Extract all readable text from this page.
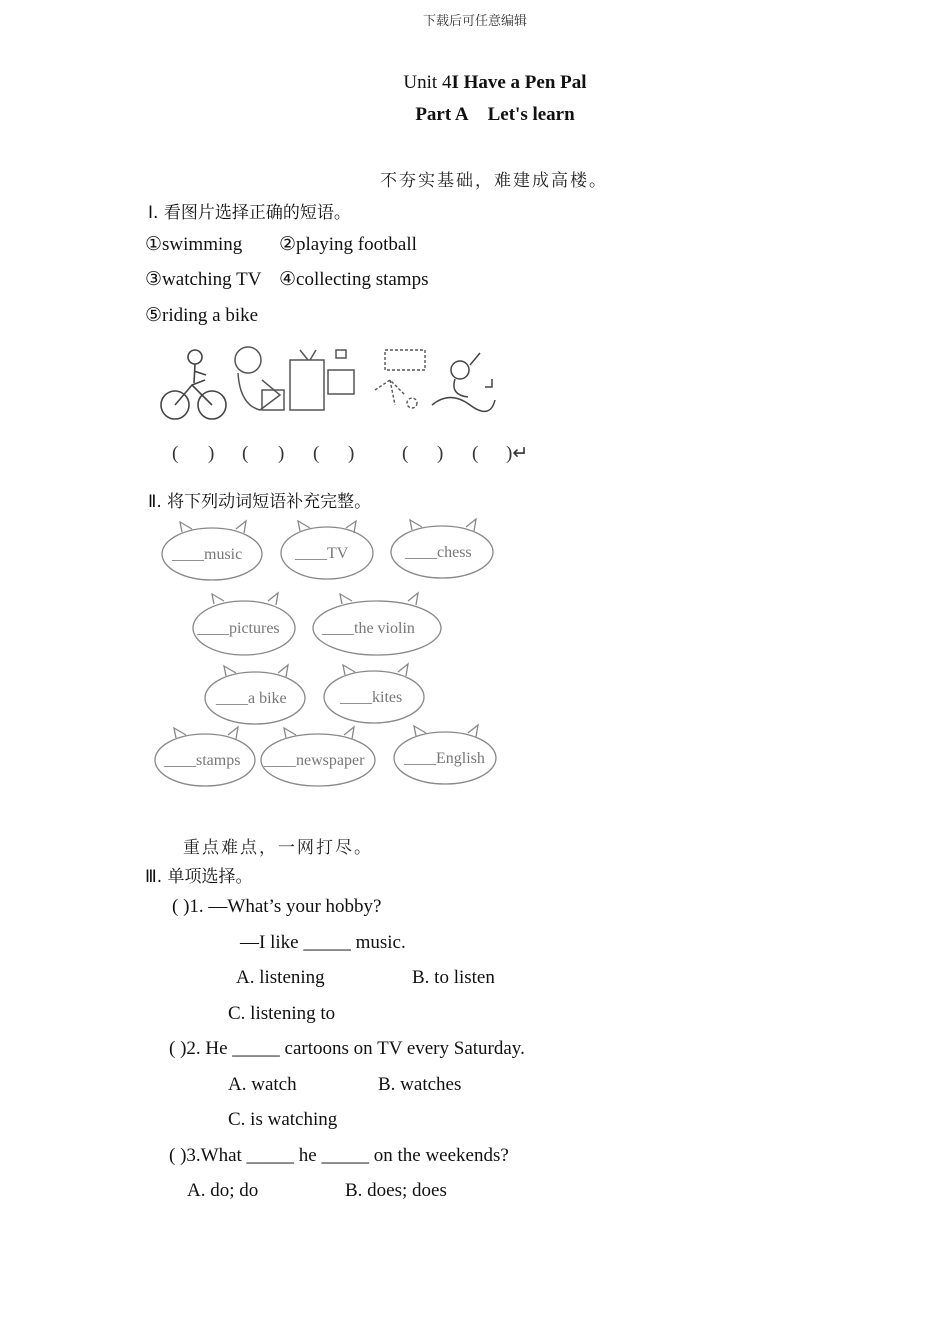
下载后可任意编辑
Unit 4I Have a Pen Pal
Part A Let's learn
不夯实基础，难建成高楼。
Ⅰ. 看图片选择正确的短语。
①swimming ②playing football
③watching TV ④collecting stamps
⑤riding a bike
( ) ( ) ( )	( ) ( )↵
Ⅱ. 将下列动词短语补充完整。
____music	____TV	____chess
____pictures	____the violin
____a bike	____kites
____stamps ____newspaper ____English
重点难点，一网打尽。
Ⅲ. 单项选择。
( )1. —What’s your hobby?
—I like _____ music.
A. listening	B. to listen
C. listening to
( )2. He _____ cartoons on TV every Saturday.
A. watch	B. watches
C. is watching
( )3.What _____ he _____ on the weekends?
A. do; do	B. does; does
